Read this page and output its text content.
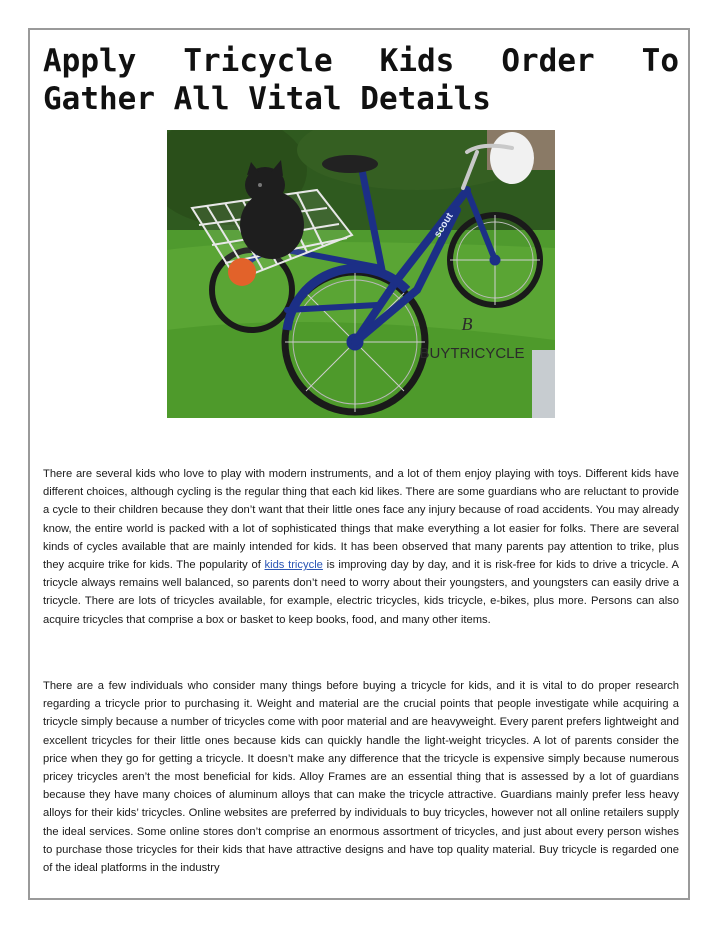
Apply Tricycle Kids Order To Gather All Vital Details
B
BUYTRICYCLE
scout

There are several kids who love to play with modern instruments, and a lot of them enjoy playing with toys. Different kids have different choices, although cycling is the regular thing that each kid likes. There are some guardians who are reluctant to provide a cycle to their children because they don’t want that their little ones face any injury because of road accidents. You may already know, the entire world is packed with a lot of sophisticated things that make everything a lot easier for folks. There are several kinds of cycles available that are mainly intended for kids. It has been observed that many parents pay attention to trike, plus they acquire trike for kids. The popularity of kids tricycle is improving day by day, and it is risk-free for kids to drive a tricycle. A tricycle always remains well balanced, so parents don’t need to worry about their youngsters, and youngsters can easily drive a tricycle. There are lots of tricycles available, for example, electric tricycles, kids tricycle, e-bikes, plus more. Persons can also acquire tricycles that comprise a box or basket to keep books, food, and many other items.

There are a few individuals who consider many things before buying a tricycle for kids, and it is vital to do proper research regarding a tricycle prior to purchasing it. Weight and material are the crucial points that people investigate while acquiring a tricycle simply because a number of tricycles come with poor material and are heavyweight. Every parent prefers lightweight and excellent tricycles for their little ones because kids can quickly handle the light-weight tricycles. A lot of parents consider the price when they go for getting a tricycle. It doesn’t make any difference that the tricycle is expensive simply because numerous pricey tricycles aren’t the most beneficial for kids. Alloy Frames are an essential thing that is assessed by a lot of guardians because they have many choices of aluminum alloys that can make the tricycle attractive. Guardians mainly prefer less heavy alloys for their kids’ tricycles. Online websites are preferred by individuals to buy tricycles, however not all online retailers supply the ideal services. Some online stores don’t comprise an enormous assortment of tricycles, and just about every person wishes to purchase those tricycles for their kids that have attractive designs and have top quality material. Buy tricycle is regarded one of the ideal platforms in the industry
